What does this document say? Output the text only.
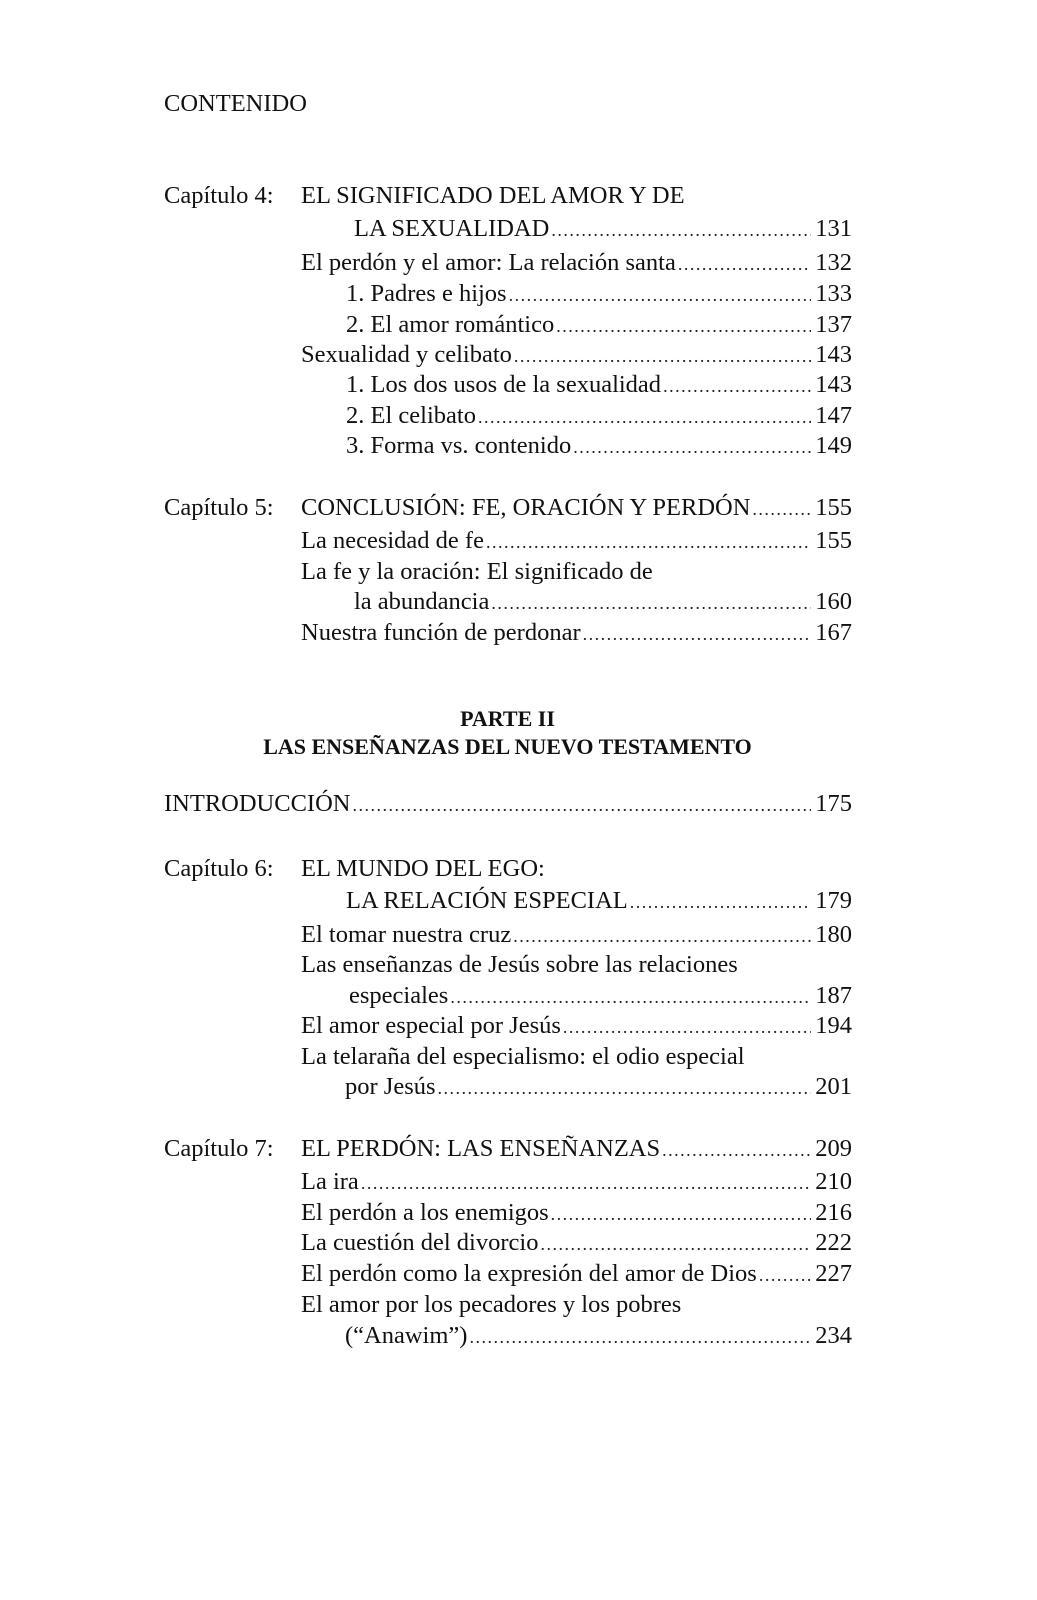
CONTENIDO
Capítulo 4: EL SIGNIFICADO DEL AMOR Y DE
LA SEXUALIDAD .....	131
El perdón y el amor: La relación santa .....	132
1. Padres e hijos .....	133
2. El amor romántico .....	137
Sexualidad y celibato .....	143
1. Los dos usos de la sexualidad .....	143
2. El celibato .....	147
3. Forma vs. contenido .....	149
Capítulo 5: CONCLUSIÓN: FE, ORACIÓN Y PERDÓN .....	155
La necesidad de fe .....	155
La fe y la oración: El significado de
la abundancia .....	160
Nuestra función de perdonar .....	167
PARTE II
LAS ENSEÑANZAS DEL NUEVO TESTAMENTO
INTRODUCCIÓN .....	175
Capítulo 6: EL MUNDO DEL EGO:
LA RELACIÓN ESPECIAL .....	179
El tomar nuestra cruz .....	180
Las enseñanzas de Jesús sobre las relaciones
especiales .....	187
El amor especial por Jesús .....	194
La telaraña del especialismo: el odio especial
por Jesús .....	201
Capítulo 7: EL PERDÓN: LAS ENSEÑANZAS .....	209
La ira .....	210
El perdón a los enemigos .....	216
La cuestión del divorcio .....	222
El perdón como la expresión del amor de Dios ..... 227
El amor por los pecadores y los pobres
(“Anawim”) .....	234
